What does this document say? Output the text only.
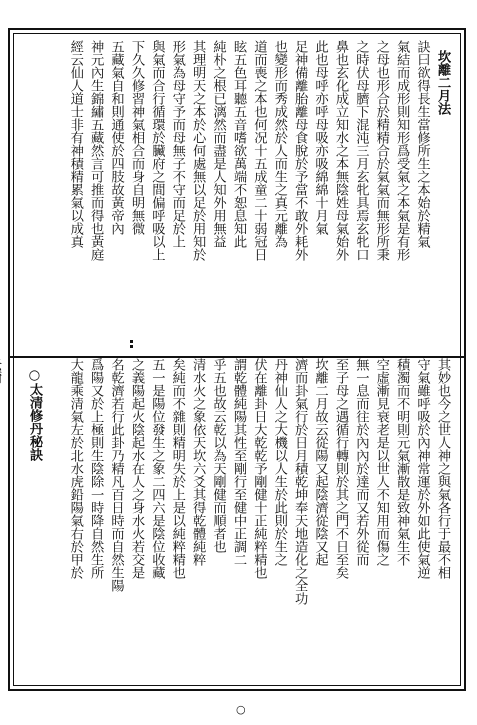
坎離二月法
訣曰欲得長生當修所生之本始於精氣
氣結而成形則知形爲受氣之本氣是有形
之母也形合於精精合於氣氣而無形所秉
之時伏母臍下混沌三月玄牝具焉玄牝口
鼻也玄化成立知水之本無陰姓母氣始外
此也母呼亦呼母吸亦吸綿綿十月氣
足神備離胎離母食脫於予當不敢外耗外
也變形而秀成然於人而生之真元離為
道而喪之本也何况十五成童二十弱冠日
眩五色耳聽五音嗜欲萬端不恕息知此
純朴之根已漓然而盡是人知外用無益
其理明天之本於心何處無以足於用知於
形氣為母守予而母無子不守而足於上
與氣而合行循環於臟府之間偏呼吸以上
下久久修習神氣相合而身自明無微
五藏氣自和則通使於四肢故黃帝內
神元內生錦繡五藏然言可推而得也黃庭
經云仙人道士非有神積精累氣以成真
其妙也今之世人神之與氣各行于最不相
守氣雖呼吸於內神常運於外如此使氣逆
積濁而不明則元氣漸散是致神氣生不
空虛漸見衰老是以世人不知用而傷之
無一息而往於內內於達而又若外從而
至子母之遇循行轉則於其之門不日至矣
坎離二月故云從陽又起陰濟從陰又起
濟而卦氣行於日月積乾坤奉天地造化之全功
丹神仙人之大機以人生於此則於生之
伏在離卦日大乾乾予剛健十正純粹精也
謂乾體純陽其性至剛行至健中正調二
乎五也故云乾以為天剛健而順者也
清水火之象依天坎六爻其得乾體純粹
矣純而不雜則精明失於上是以純粹精也
五一是陽位發生之象二四六是陰位收藏
之義陽起火陰起水在人之身水火若交是
名乾濟若行此卦乃精凡百日時而自然生陽
爲陽又於上極則生陰除一時降自然生所
大龍乘清氣左於北水虎鉛陽氣右於甲於
○太清修丹秘訣
○
